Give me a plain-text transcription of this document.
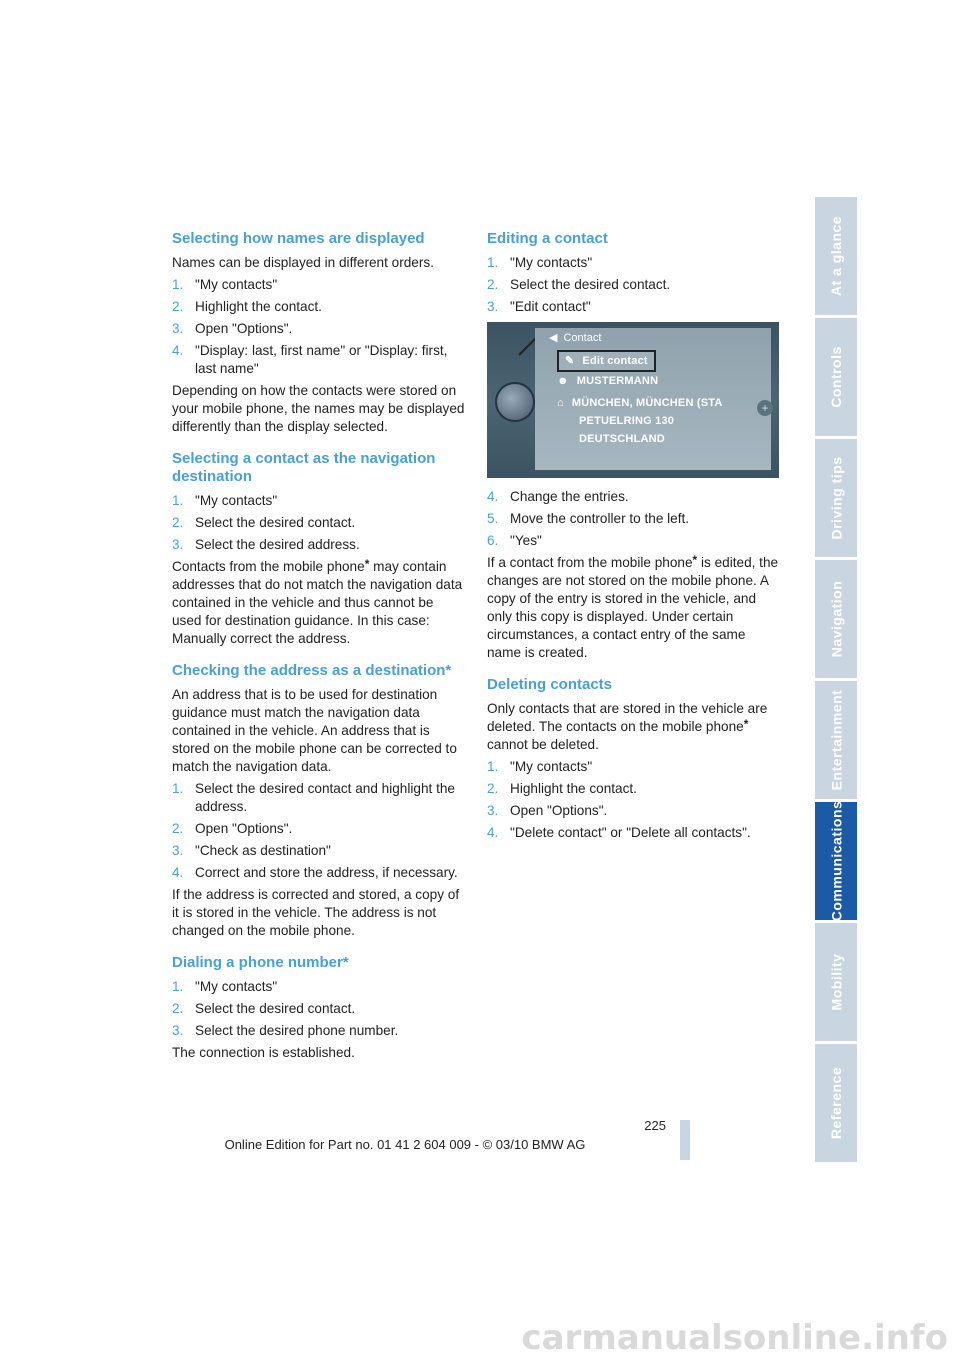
Selecting how names are displayed

Names can be displayed in different orders.

1. "My contacts"
2. Highlight the contact.
3. Open "Options".
4. "Display: last, first name" or "Display: first, last name"

Depending on how the contacts were stored on your mobile phone, the names may be displayed differently than the display selected.

Selecting a contact as the navigation destination
1. "My contacts"
2. Select the desired contact.
3. Select the desired address.

Contacts from the mobile phone* may contain addresses that do not match the navigation data contained in the vehicle and thus cannot be used for destination guidance. In this case: Manually correct the address.

Checking the address as a destination*

An address that is to be used for destination guidance must match the navigation data contained in the vehicle. An address that is stored on the mobile phone can be corrected to match the navigation data.

1. Select the desired contact and highlight the address.
2. Open "Options".
3. "Check as destination"
4. Correct and store the address, if necessary.

If the address is corrected and stored, a copy of it is stored in the vehicle. The address is not changed on the mobile phone.

Dialing a phone number*
1. "My contacts"
2. Select the desired contact.
3. Select the desired phone number.

The connection is established.

Editing a contact
1. "My contacts"
2. Select the desired contact.
3. "Edit contact"
◀ Contact
✎ Edit contact
☻ MUSTERMANN
⌂ MÜNCHEN, MÜNCHEN (STA
PETUELRING 130
DEUTSCHLAND
+
4. Change the entries.
5. Move the controller to the left.
6. "Yes"

If a contact from the mobile phone* is edited, the changes are not stored on the mobile phone. A copy of the entry is stored in the vehicle, and only this copy is displayed. Under certain circumstances, a contact entry of the same name is created.

Deleting contacts

Only contacts that are stored in the vehicle are deleted. The contacts on the mobile phone* cannot be deleted.

1. "My contacts"
2. Highlight the contact.
3. Open "Options".
4. "Delete contact" or "Delete all contacts".
At a glance
Controls
Driving tips
Navigation
Entertainment
Communications
Mobility
Reference
225
Online Edition for Part no. 01 41 2 604 009 - © 03/10 BMW AG
carmanualsonline.info
